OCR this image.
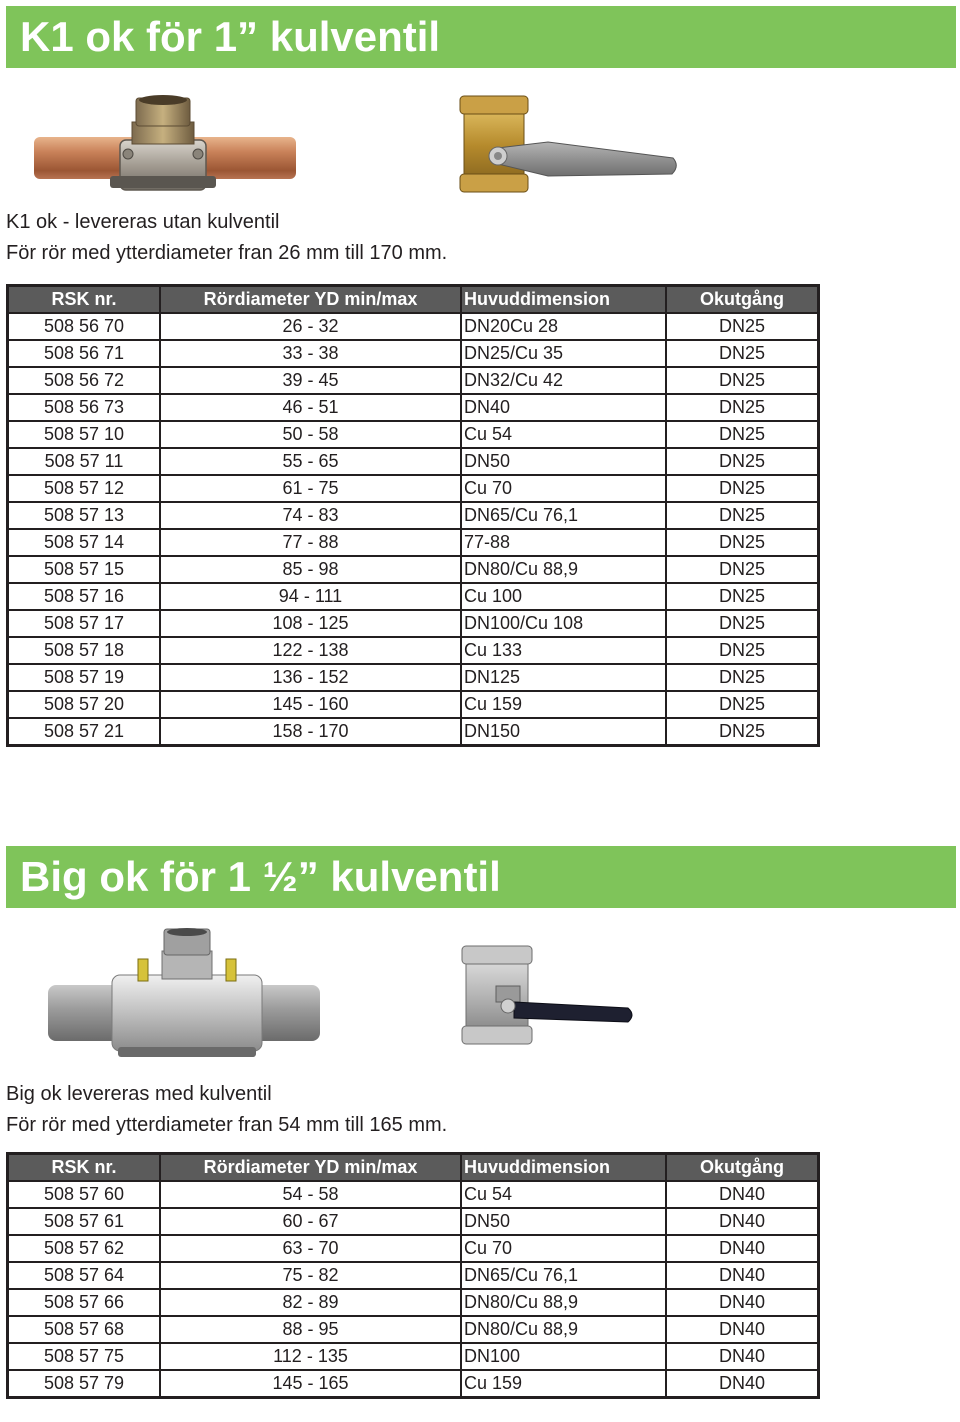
K1 ok för 1” kulventil
K1 ok - levereras utan kulventil
För rör med ytterdiameter fran 26 mm till 170 mm.
RSK nr.	Rördiameter YD min/max	Huvuddimension	Okutgång
508 56 70	26 - 32	DN20Cu 28	DN25
508 56 71	33 - 38	DN25/Cu 35	DN25
508 56 72	39 - 45	DN32/Cu 42	DN25
508 56 73	46 - 51	DN40	DN25
508 57 10	50 - 58	Cu 54	DN25
508 57 11	55 - 65	DN50	DN25
508 57 12	61 - 75	Cu 70	DN25
508 57 13	74 - 83	DN65/Cu 76,1	DN25
508 57 14	77 - 88	77-88	DN25
508 57 15	85 - 98	DN80/Cu 88,9	DN25
508 57 16	94 - 111	Cu 100	DN25
508 57 17	108 - 125	DN100/Cu 108	DN25
508 57 18	122 - 138	Cu 133	DN25
508 57 19	136 - 152	DN125	DN25
508 57 20	145 - 160	Cu 159	DN25
508 57 21	158 - 170	DN150	DN25
Big ok för 1 ½” kulventil
Big ok levereras med kulventil
För rör med ytterdiameter fran 54 mm till 165 mm.
RSK nr.	Rördiameter YD min/max	Huvuddimension	Okutgång
508 57 60	54 - 58	Cu 54	DN40
508 57 61	60 - 67	DN50	DN40
508 57 62	63 - 70	Cu 70	DN40
508 57 64	75 - 82	DN65/Cu 76,1	DN40
508 57 66	82 - 89	DN80/Cu 88,9	DN40
508 57 68	88 - 95	DN80/Cu 88,9	DN40
508 57 75	112 - 135	DN100	DN40
508 57 79	145 - 165	Cu 159	DN40
